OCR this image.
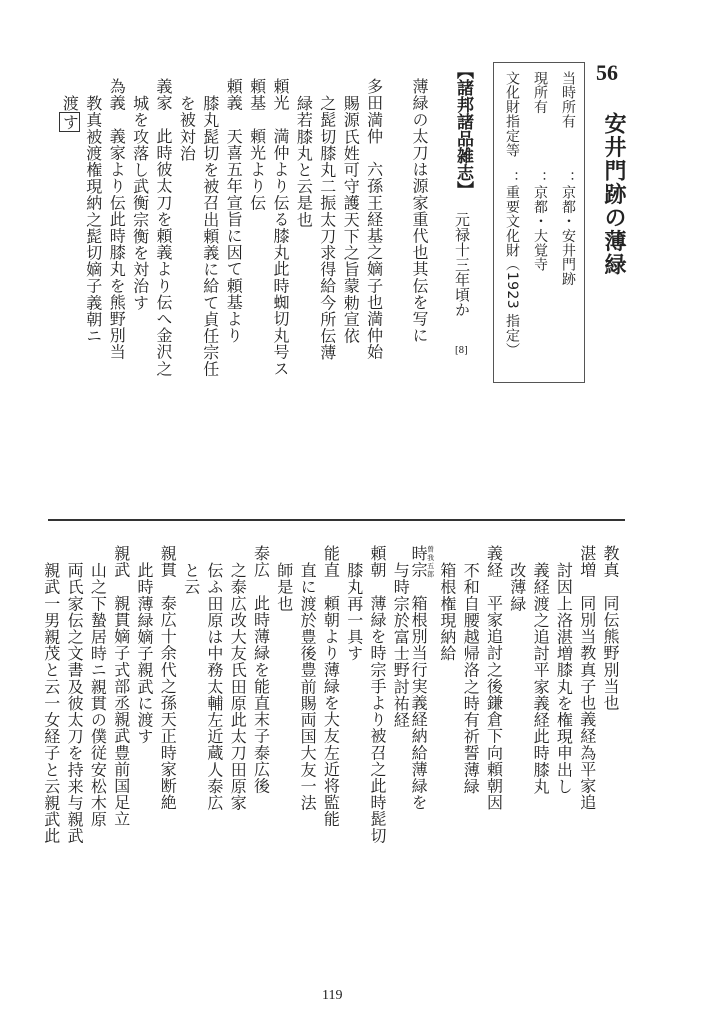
56
安井門跡の薄緑
当時所有
：京都・安井門跡
現所有
：京都・大覚寺
文化財指定等
：重要文化財（1923 指定）
【諸邦諸品雑志】
元禄十三年頃か
[8]
薄緑の太刀は源家重代也其伝を写に
多田満仲　六孫王経基之嫡子也満仲始
賜源氏姓可守護天下之旨蒙勅宣依
之髭切膝丸二振太刀求得給今所伝薄
緑若膝丸と云是也
頼光　満仲より伝る膝丸此時蜘切丸号ス
頼基　頼光より伝
頼義　天喜五年宣旨に因て頼基より
膝丸髭切を被召出頼義に給て貞任宗任
を被対治
義家　此時彼太刀を頼義より伝へ金沢之
城を攻落し武衡宗衡を対治す
為義　義家より伝此時膝丸を熊野別当
教真被渡権現納之髭切嫡子義朝ニ
渡す
教真　同伝熊野別当也
湛増　同別当教真子也義経為平家追
討因上洛湛増膝丸を権現申出し
義経渡之追討平家義経此時膝丸
改薄緑
義経　平家追討之後鎌倉下向頼朝因
不和自腰越帰洛之時有祈誓薄緑
箱根権現納給
時宗曽我五郎　箱根別当行実義経納給薄緑を
与時宗於富士野討祐経
頼朝　薄緑を時宗手より被召之此時髭切
膝丸再一具す
能直　頼朝より薄緑を大友左近将監能
直に渡於豊後豊前賜両国大友一法
師是也
泰広　此時薄緑を能直末子泰広後
之泰広改大友氏田原此太刀田原家
伝ふ田原は中務太輔左近蔵人泰広
と云
親貫　泰広十余代之孫天正時家断絶
此時薄緑嫡子親武に渡す
親武　親貫嫡子式部丞親武豊前国足立
山之下蟄居時ニ親貫の僕従安松木原
両氏家伝之文書及彼太刀を持来与親武
親武一男親茂と云一女経子と云親武此
119
